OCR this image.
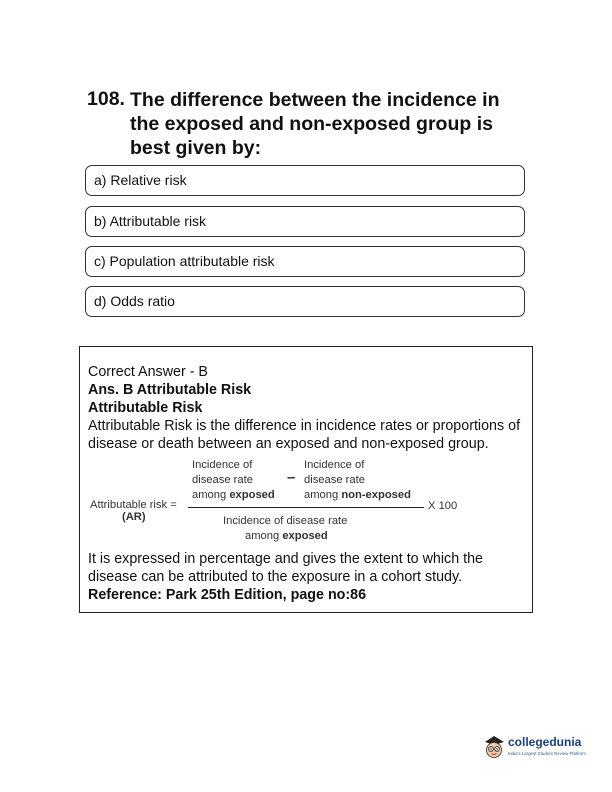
108. The difference between the incidence in the exposed and non-exposed group is best given by:
a) Relative risk
b) Attributable risk
c) Population attributable risk
d) Odds ratio
Correct Answer - B
Ans. B Attributable Risk
Attributable Risk
Attributable Risk is the difference in incidence rates or proportions of disease or death between an exposed and non-exposed group.
Incidence of
disease rate
among exposed
–
Incidence of
disease rate
among non-exposed
Attributable risk =
(AR)
X 100
Incidence of disease rate
among exposed
It is expressed in percentage and gives the extent to which the disease can be attributed to the exposure in a cohort study.
Reference: Park 25th Edition, page no:86
collegedunia
India's Largest Student Review Platform
